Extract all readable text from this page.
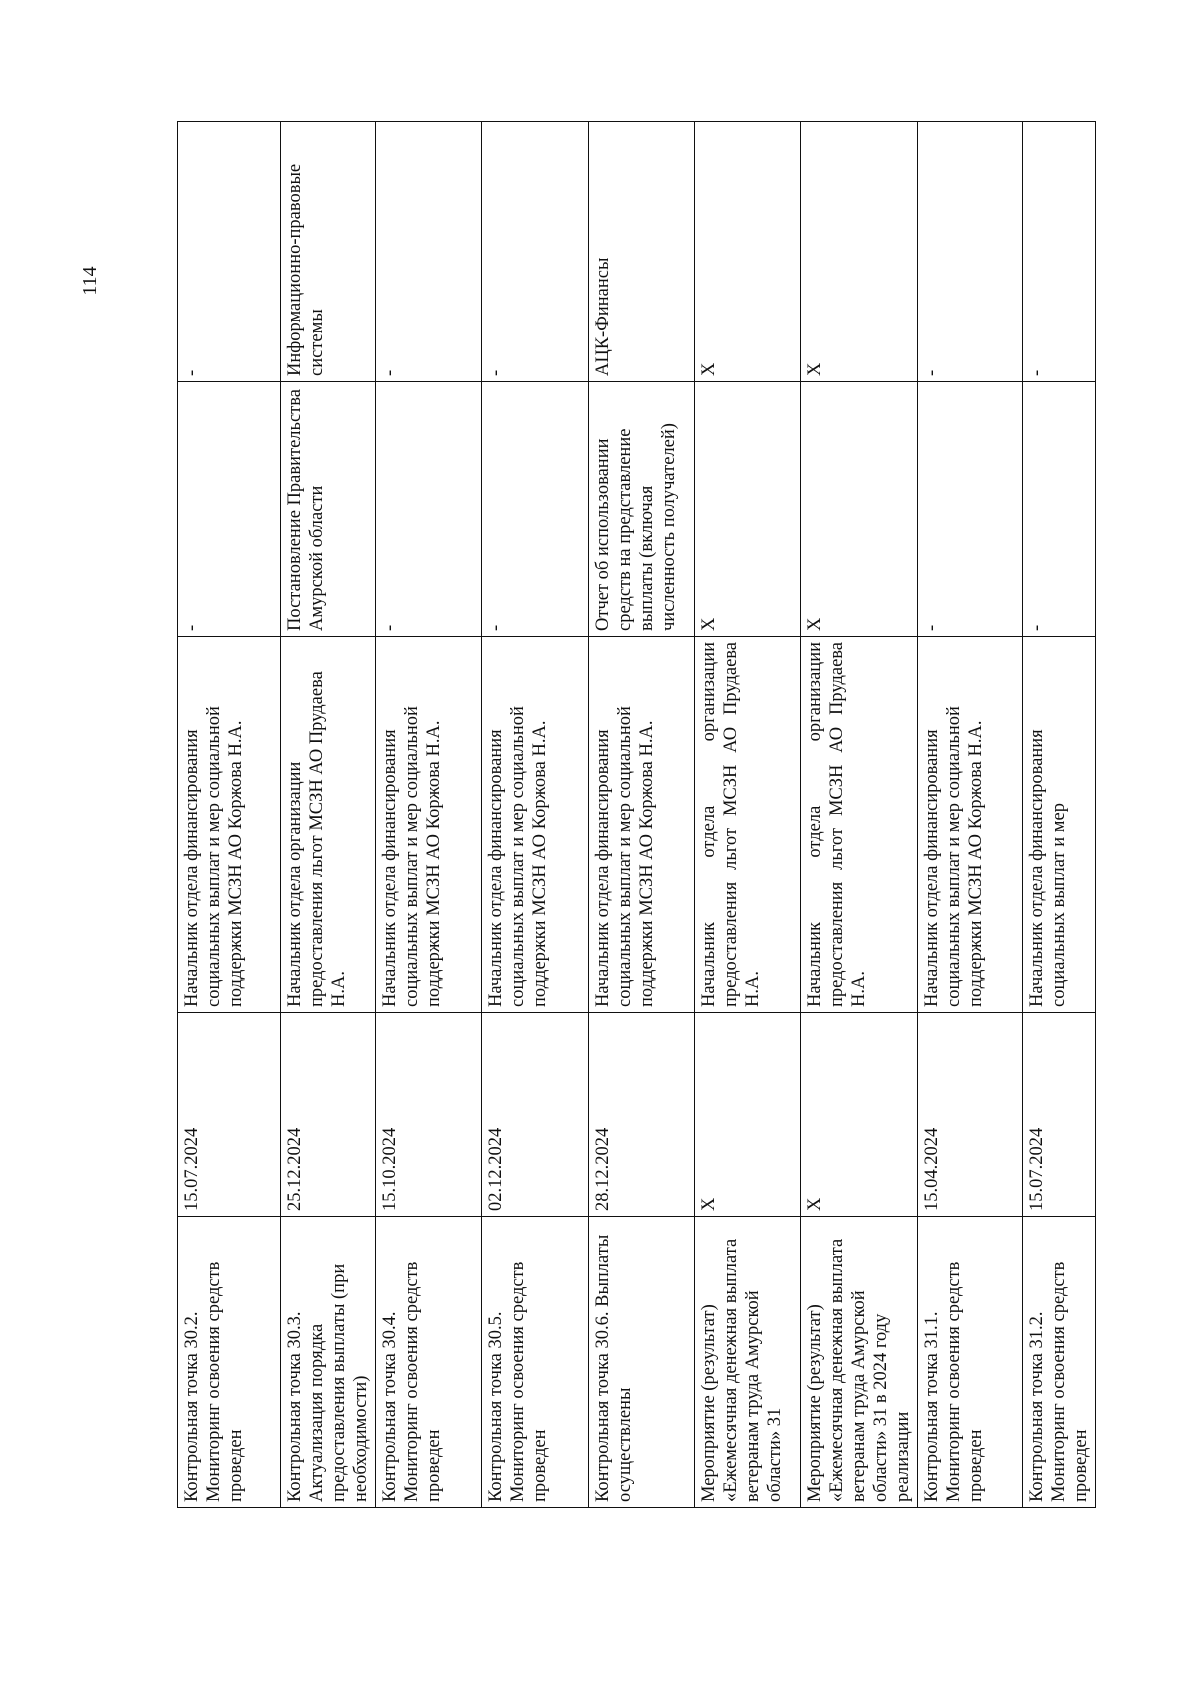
114
Контрольная точка 30.2. Мониторинг освоения средств проведен	15.07.2024	Начальник отдела финансирования социальных выплат и мер социальной поддержки МСЗН АО Коржова Н.А.	-	-
Контрольная точка 30.3. Актуализация порядка предоставления выплаты (при необходимости)	25.12.2024	Начальник отдела организации предоставления льгот МСЗН АО Прудаева Н.А.	Постановление Правительства Амурской области	Информационно-правовые системы
Контрольная точка 30.4. Мониторинг освоения средств проведен	15.10.2024	Начальник отдела финансирования социальных выплат и мер социальной поддержки МСЗН АО Коржова Н.А.	-	-
Контрольная точка 30.5. Мониторинг освоения средств проведен	02.12.2024	Начальник отдела финансирования социальных выплат и мер социальной поддержки МСЗН АО Коржова Н.А.	-	-
Контрольная точка 30.6. Выплаты осуществлены	28.12.2024	Начальник отдела финансирования социальных выплат и мер социальной поддержки МСЗН АО Коржова Н.А.	Отчет об использовании средств на представление выплаты (включая численность получателей)	АЦК-Финансы
Мероприятие (результат) «Ежемесячная денежная выплата ветеранам труда Амурской области» 31	X	Начальник отдела организации предоставления льгот МСЗН АО Прудаева Н.А.	X	X
Мероприятие (результат) «Ежемесячная денежная выплата ветеранам труда Амурской области» 31 в 2024 году реализации	X	Начальник отдела организации предоставления льгот МСЗН АО Прудаева Н.А.	X	X
Контрольная точка 31.1. Мониторинг освоения средств проведен	15.04.2024	Начальник отдела финансирования социальных выплат и мер социальной поддержки МСЗН АО Коржова Н.А.	-	-
Контрольная точка 31.2. Мониторинг освоения средств проведен	15.07.2024	Начальник отдела финансирования социальных выплат и мер	-	-
